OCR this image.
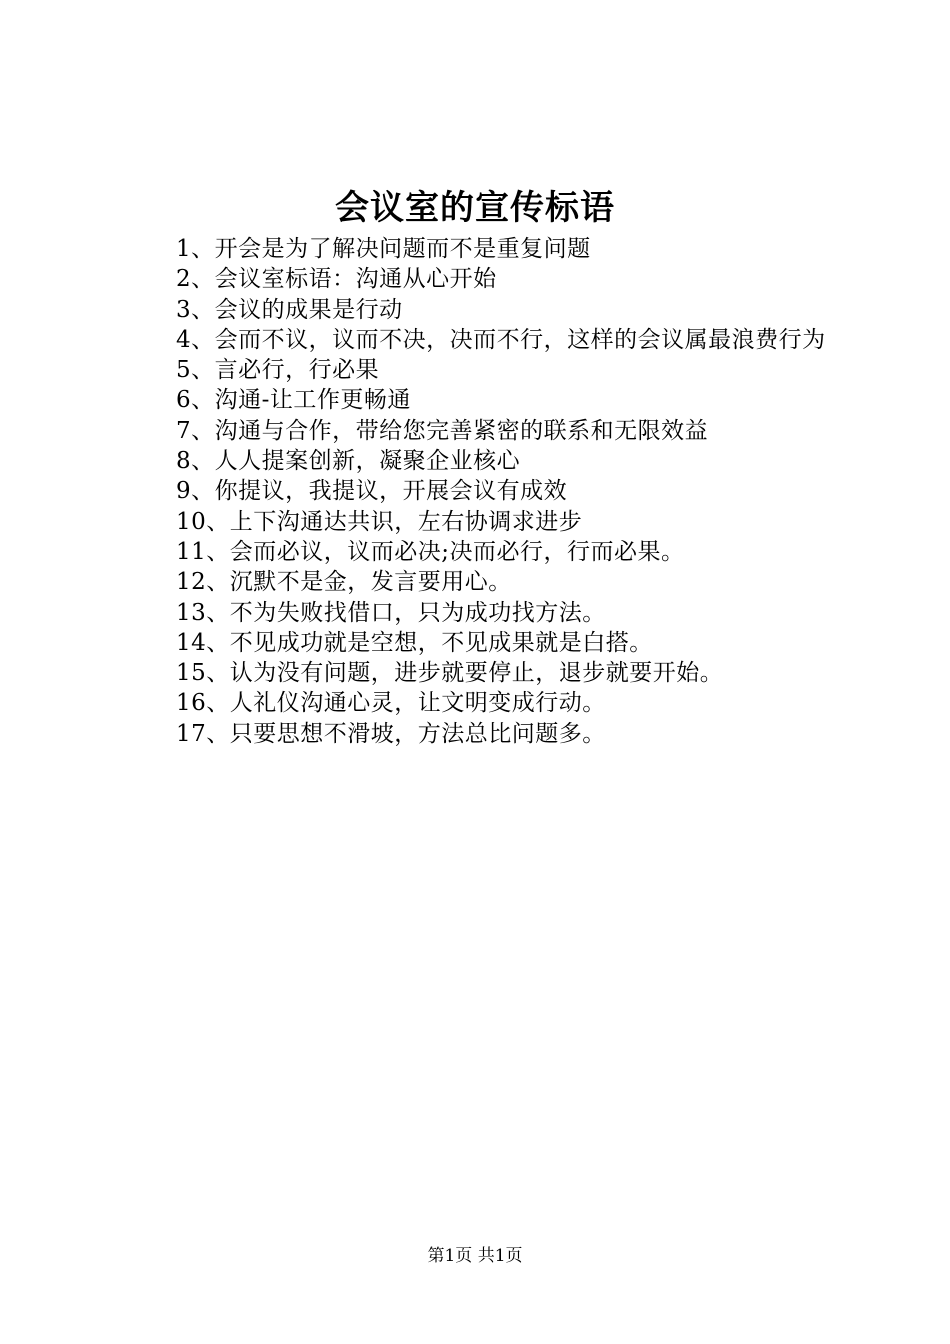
会议室的宣传标语
1、开会是为了解决问题而不是重复问题
2、会议室标语：沟通从心开始
3、会议的成果是行动
4、会而不议，议而不决，决而不行，这样的会议属最浪费行为
5、言必行，行必果
6、沟通-让工作更畅通
7、沟通与合作，带给您完善紧密的联系和无限效益
8、人人提案创新，凝聚企业核心
9、你提议，我提议，开展会议有成效
10、上下沟通达共识，左右协调求进步
11、会而必议，议而必决;决而必行，行而必果。
12、沉默不是金，发言要用心。
13、不为失败找借口，只为成功找方法。
14、不见成功就是空想，不见成果就是白搭。
15、认为没有问题，进步就要停止，退步就要开始。
16、人礼仪沟通心灵，让文明变成行动。
17、只要思想不滑坡，方法总比问题多。
第1页 共1页
